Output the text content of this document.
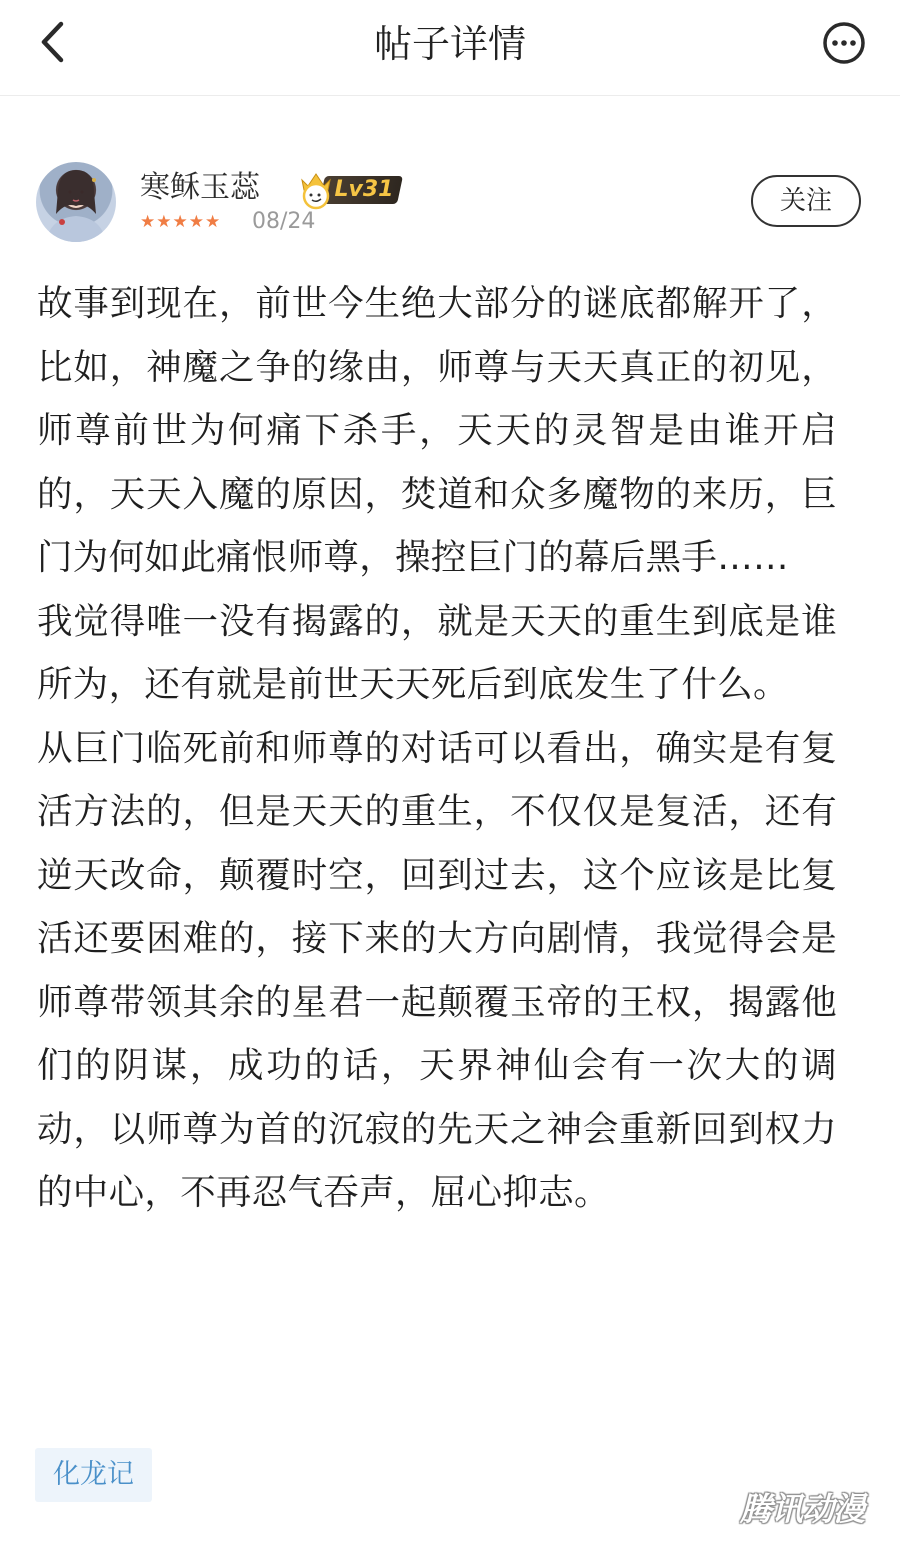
帖子详情
寒稣玉蕊	Lv31
★★★★★ 08/24
关注

故事到现在，前世今生绝大部分的谜底都解开了，比如，神魔之争的缘由，师尊与天天真正的初见，师尊前世为何痛下杀手，天天的灵智是由谁开启的，天天入魔的原因，焚道和众多魔物的来历，巨门为何如此痛恨师尊，操控巨门的幕后黑手……

我觉得唯一没有揭露的，就是天天的重生到底是谁所为，还有就是前世天天死后到底发生了什么。

从巨门临死前和师尊的对话可以看出，确实是有复活方法的，但是天天的重生，不仅仅是复活，还有逆天改命，颠覆时空，回到过去，这个应该是比复活还要困难的，接下来的大方向剧情，我觉得会是师尊带领其余的星君一起颠覆玉帝的王权，揭露他们的阴谋，成功的话，天界神仙会有一次大的调动，以师尊为首的沉寂的先天之神会重新回到权力的中心，不再忍气吞声，屈心抑志。

化龙记
腾讯动漫
